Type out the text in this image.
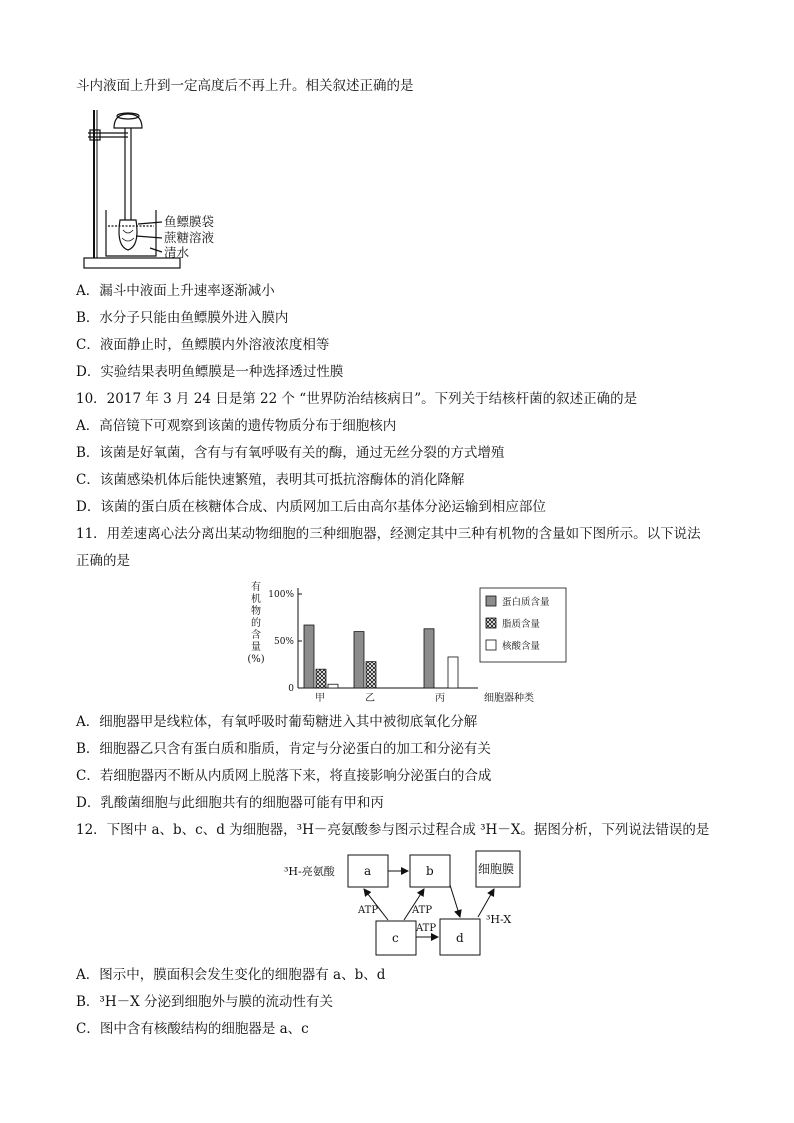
斗内液面上升到一定高度后不再上升。相关叙述正确的是
鱼鳔膜袋
蔗糖溶液
清水
A．漏斗中液面上升速率逐渐减小
B．水分子只能由鱼鳔膜外进入膜内
C．液面静止时，鱼鳔膜内外溶液浓度相等
D．实验结果表明鱼鳔膜是一种选择透过性膜
10．2017 年 3 月 24 日是第 22 个 “世界防治结核病日”。下列关于结核杆菌的叙述正确的是
A．高倍镜下可观察到该菌的遗传物质分布于细胞核内
B．该菌是好氧菌，含有与有氧呼吸有关的酶，通过无丝分裂的方式增殖
C．该菌感染机体后能快速繁殖，表明其可抵抗溶酶体的消化降解
D．该菌的蛋白质在核糖体合成、内质网加工后由高尔基体分泌运输到相应部位
11．用差速离心法分离出某动物细胞的三种细胞器，经测定其中三种有机物的含量如下图所示。以下说法
正确的是
有
机
物
的
含
量
(%)
0
50%
100%
甲	乙	丙	细胞器种类
蛋白质含量
脂质含量
核酸含量
A．细胞器甲是线粒体，有氧呼吸时葡萄糖进入其中被彻底氧化分解
B．细胞器乙只含有蛋白质和脂质，肯定与分泌蛋白的加工和分泌有关
C．若细胞器丙不断从内质网上脱落下来，将直接影响分泌蛋白的合成
D．乳酸菌细胞与此细胞共有的细胞器可能有甲和丙
12．下图中 a、b、c、d 为细胞器，³H－亮氨酸参与图示过程合成 ³H－X。据图分析，下列说法错误的是
³H-亮氨酸 a	b	细胞膜
c	d
³H-X
ATP	ATP
ATP
A．图示中，膜面积会发生变化的细胞器有 a、b、d
B．³H－X 分泌到细胞外与膜的流动性有关
C．图中含有核酸结构的细胞器是 a、c
